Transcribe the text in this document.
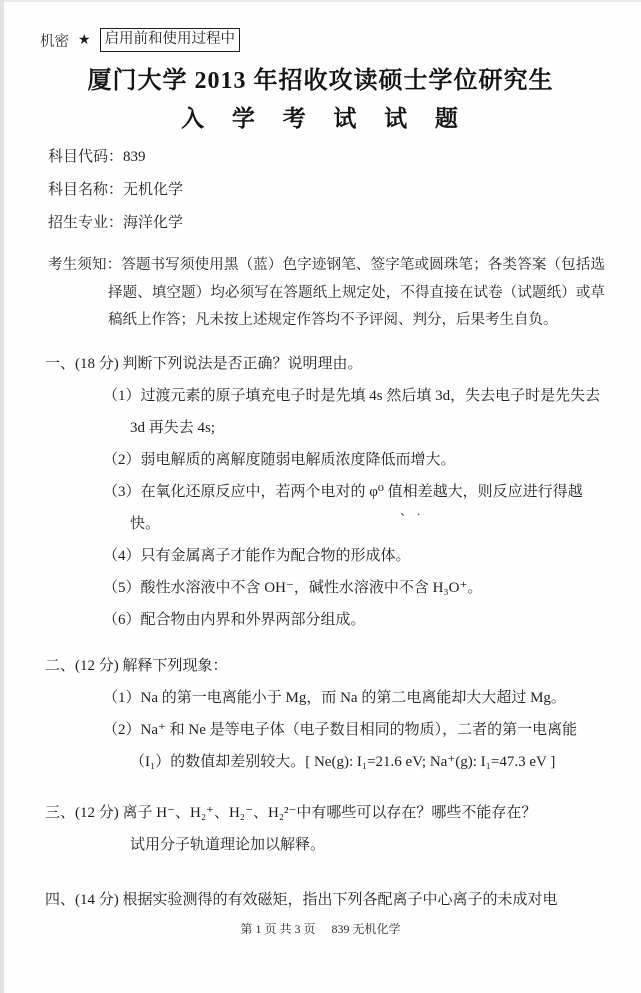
机密 ★ 启用前和使用过程中
厦门大学 2013 年招收攻读硕士学位研究生
入 学 考 试 试 题
科目代码：839
科目名称：无机化学
招生专业：海洋化学
考生须知：答题书写须使用黑（蓝）色字迹钢笔、签字笔或圆珠笔；各类答案（包括选择题、填空题）均必须写在答题纸上规定处，不得直接在试卷（试题纸）或草稿纸上作答；凡未按上述规定作答均不予评阅、判分，后果考生自负。
一、(18 分) 判断下列说法是否正确？说明理由。
（1）过渡元素的原子填充电子时是先填 4s 然后填 3d，失去电子时是先失去 3d 再失去 4s;
（2）弱电解质的离解度随弱电解质浓度降低而增大。
（3）在氧化还原反应中，若两个电对的 φ⁰ 值相差越大，则反应进行得越快。
（4）只有金属离子才能作为配合物的形成体。
（5）酸性水溶液中不含 OH⁻，碱性水溶液中不含 H₃O⁺。
（6）配合物由内界和外界两部分组成。
二、(12 分) 解释下列现象：
（1）Na 的第一电离能小于 Mg，而 Na 的第二电离能却大大超过 Mg。
（2）Na⁺ 和 Ne 是等电子体（电子数目相同的物质），二者的第一电离能（I₁）的数值却差别较大。[ Ne(g): I₁=21.6 eV; Na⁺(g): I₁=47.3 eV ]
三、(12 分) 离子 H⁻、H₂⁺、H₂⁻、H₂²⁻中有哪些可以存在？哪些不能存在？
试用分子轨道理论加以解释。
四、(14 分) 根据实验测得的有效磁矩，指出下列各配离子中心离子的未成对电
、.
第 1 页 共 3 页 839 无机化学
